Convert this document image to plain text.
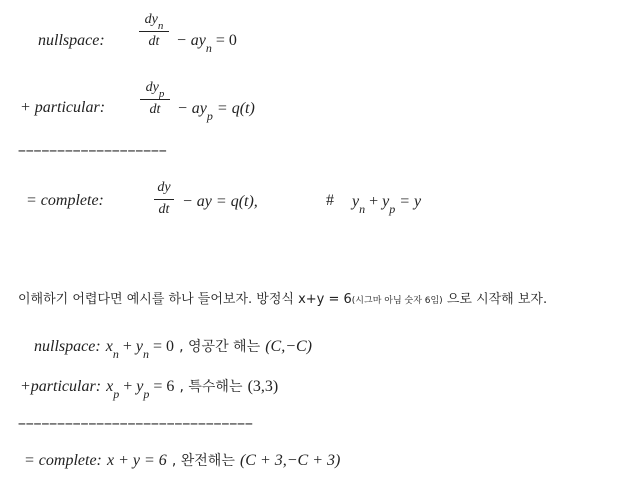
nullspace:
$dy_n$
dt − $ay_n = 0$
+ particular:
$dy_p$
dt − $ay_p = q(t)$
−−−−−−−−−−−−−−−−−−−
= complete:
dy
dt − ay = q(t),	# $y_n + y_p = y$
이해하기 어렵다면 예시를 하나 들어보자. 방정식 x+y = 6(시그마 아님 숫자 6임) 으로 시작해 보자.
nullspace: $x_n + y_n = 0$ , 영공간 해는 (C,−C)
+particular: $x_p + y_p = 6$ , 특수해는 (3,3)
−−−−−−−−−−−−−−−−−−−−−−−−−−−−−−
= complete: x + y = 6 , 완전해는 (C + 3,−C + 3)
